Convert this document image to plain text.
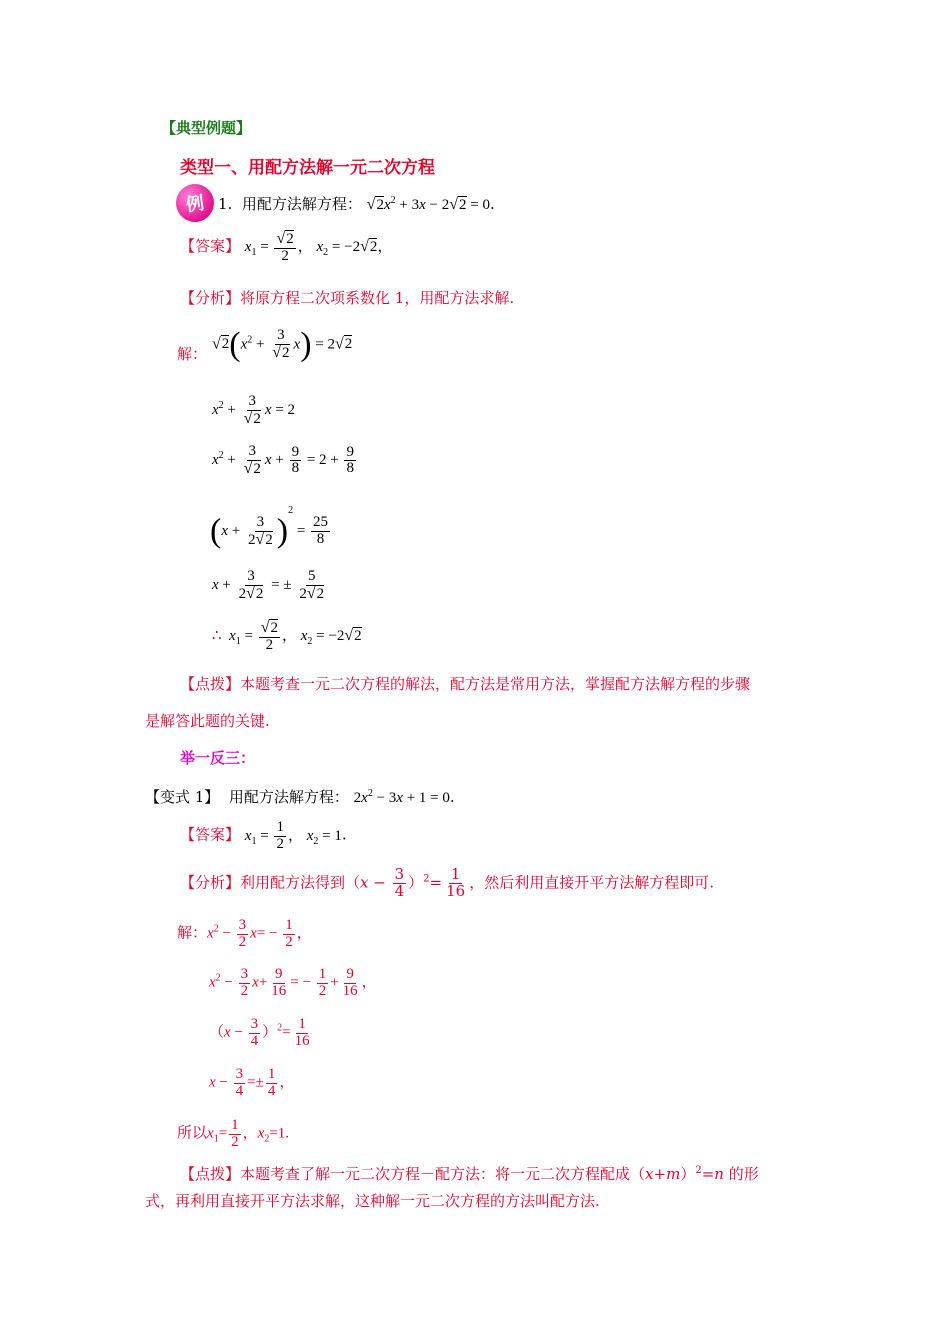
【典型例题】
类型一、用配方法解一元二次方程
例 1. 用配方法解方程： $√2x^2 + 3x - 2√2 = 0$.
【答案】 $x_1 = \frac{√2}{2}$ ， $x_2 = -2√2$，
【分析】将原方程二次项系数化 1，用配方法求解.
解：
$√2(x^2 + \frac{3}{√2} x) = 2√2$
$x^2 + \frac{3}{√2}$ x = 2
$x^2 + \frac{3}{√2}$ $x + \frac{9}{8} = 2 + \frac{9}{8}$
$(x + \frac{3}{2√2} )^2 = \frac{25}{8}$
$x + \frac{3}{2√2}$ = ± $\frac{5}{2√2}$
∴ $x_1 = \frac{√2}{2}$ ， $x_2 = -2√2$
【点拨】本题考查一元二次方程的解法，配方法是常用方法，掌握配方法解方程的步骤
是解答此题的关键.
举一反三：
【变式 1】 用配方法解方程： $2x^2 - 3x + 1 = 0$.
【答案】 $x_1 = \frac{1}{2}$ ， $x_2 = 1$.
【分析】利用配方法得到$(x - \frac{3}{4} )^2= \frac{1}{16}$ ，然后利用直接开平方法解方程即可.
解：$x^2 - \frac{3}{2} x= - \frac{1}{2}$ ，
$x^2 - \frac{3}{2} x+ \frac{9}{16}$ = − $\frac{1}{2} + \frac{9}{16}$ ，
$(x - \frac{3}{4} )^2= \frac{1}{16}$
$x - \frac{3}{4} =\pm \frac{1}{4}$ ，
所以$x_1= \frac{1}{2}$ ，$x_2=1$.
【点拨】本题考查了解一元二次方程－配方法：将一元二次方程配成$(x+m)^2=n$ 的形
式，再利用直接开平方法求解，这种解一元二次方程的方法叫配方法.
